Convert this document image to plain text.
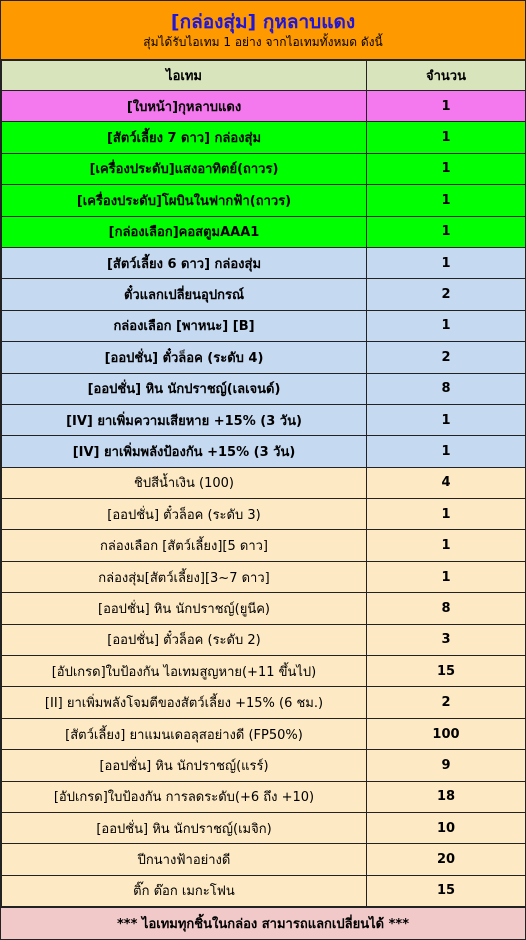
[กล่องสุ่ม] กุหลาบแดง
สุ่มได้รับไอเทม 1 อย่าง จากไอเทมทั้งหมด ดังนี้
ไอเทม	จำนวน
[ใบหน้า]กุหลาบแดง	1
[สัตว์เลี้ยง 7 ดาว] กล่องสุ่ม	1
[เครื่องประดับ]แสงอาทิตย์(ถาวร)	1
[เครื่องประดับ]โผบินในฟากฟ้า(ถาวร)	1
[กล่องเลือก]คอสตูมAAA1	1
[สัตว์เลี้ยง 6 ดาว] กล่องสุ่ม	1
ตั๋วแลกเปลี่ยนอุปกรณ์	2
กล่องเลือก [พาหนะ] [B]	1
[ออปชั่น] ตั๋วล็อค (ระดับ 4)	2
[ออปชั่น] หิน นักปราชญ์(เลเจนด์)	8
[IV] ยาเพิ่มความเสียหาย +15% (3 วัน)	1
[IV] ยาเพิ่มพลังป้องกัน +15% (3 วัน)	1
ชิปสีน้ำเงิน (100)	4
[ออปชั่น] ตั๋วล็อค (ระดับ 3)	1
กล่องเลือก [สัตว์เลี้ยง][5 ดาว]	1
กล่องสุ่ม[สัตว์เลี้ยง][3~7 ดาว]	1
[ออปชั่น] หิน นักปราชญ์(ยูนีค)	8
[ออปชั่น] ตั๋วล็อค (ระดับ 2)	3
[อัปเกรด]ใบป้องกัน ไอเทมสูญหาย(+11 ขึ้นไป)	15
[II] ยาเพิ่มพลังโจมตีของสัตว์เลี้ยง +15% (6 ชม.)	2
[สัตว์เลี้ยง] ยาแมนเดอลุสอย่างดี (FP50%)	100
[ออปชั่น] หิน นักปราชญ์(แรร์)	9
[อัปเกรด]ใบป้องกัน การลดระดับ(+6 ถึง +10)	18
[ออปชั่น] หิน นักปราชญ์(เมจิก)	10
ปีกนางฟ้าอย่างดี	20
ติ๊ก ต๊อก เมกะโฟน	15
*** ไอเทมทุกชิ้นในกล่อง สามารถแลกเปลี่ยนได้ ***
